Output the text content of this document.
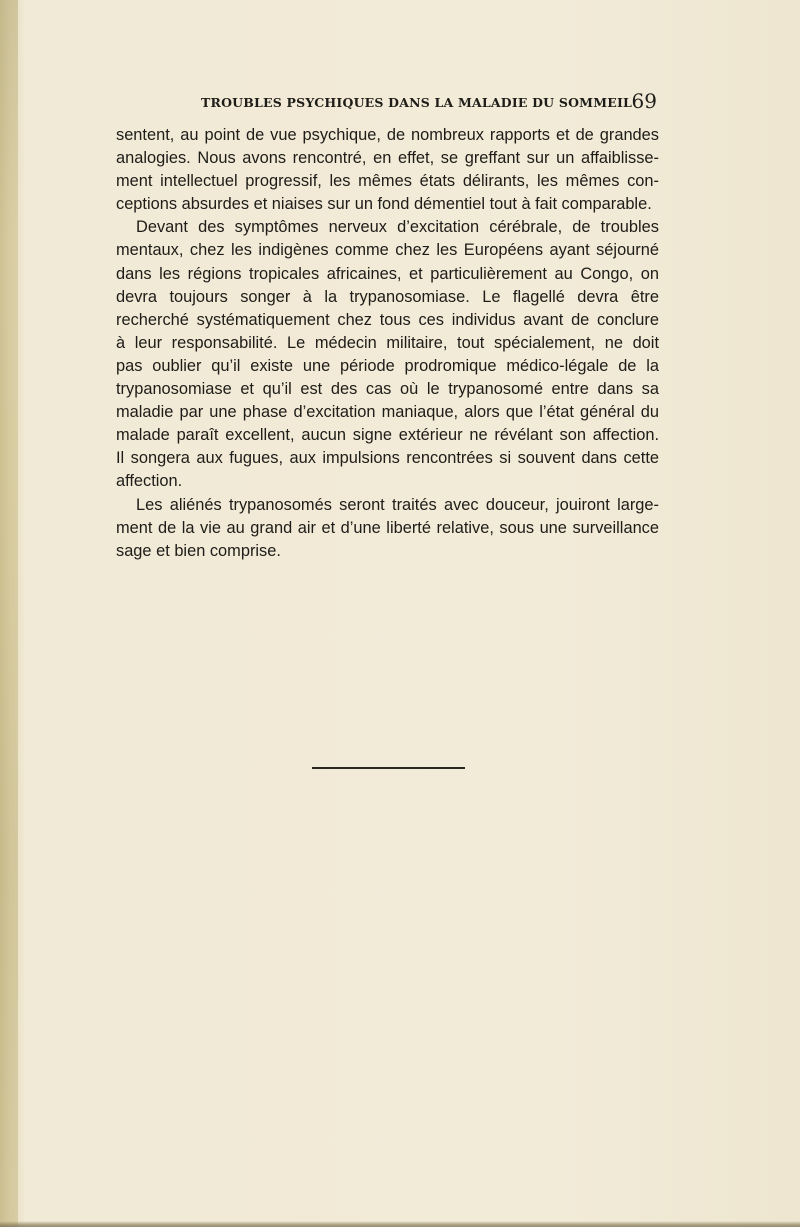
TROUBLES PSYCHIQUES DANS LA MALADIE DU SOMMEIL 69
sentent, au point de vue psychique, de nombreux rapports et de grandes
analogies. Nous avons rencontré, en effet, se greffant sur un affaiblisse-
ment intellectuel progressif, les mêmes états délirants, les mêmes con-
ceptions absurdes et niaises sur un fond démentiel tout à fait comparable.
Devant des symptômes nerveux d’excitation cérébrale, de troubles
mentaux, chez les indigènes comme chez les Européens ayant séjourné
dans les régions tropicales africaines, et particulièrement au Congo, on
devra toujours songer à la trypanosomiase. Le flagellé devra être
recherché systématiquement chez tous ces individus avant de conclure
à leur responsabilité. Le médecin militaire, tout spécialement, ne doit
pas oublier qu’il existe une période prodromique médico-légale de la
trypanosomiase et qu’il est des cas où le trypanosomé entre dans sa
maladie par une phase d’excitation maniaque, alors que l’état général du
malade paraît excellent, aucun signe extérieur ne révélant son affection.
Il songera aux fugues, aux impulsions rencontrées si souvent dans cette
affection.
Les aliénés trypanosomés seront traités avec douceur, jouiront large-
ment de la vie au grand air et d’une liberté relative, sous une surveillance
sage et bien comprise.
